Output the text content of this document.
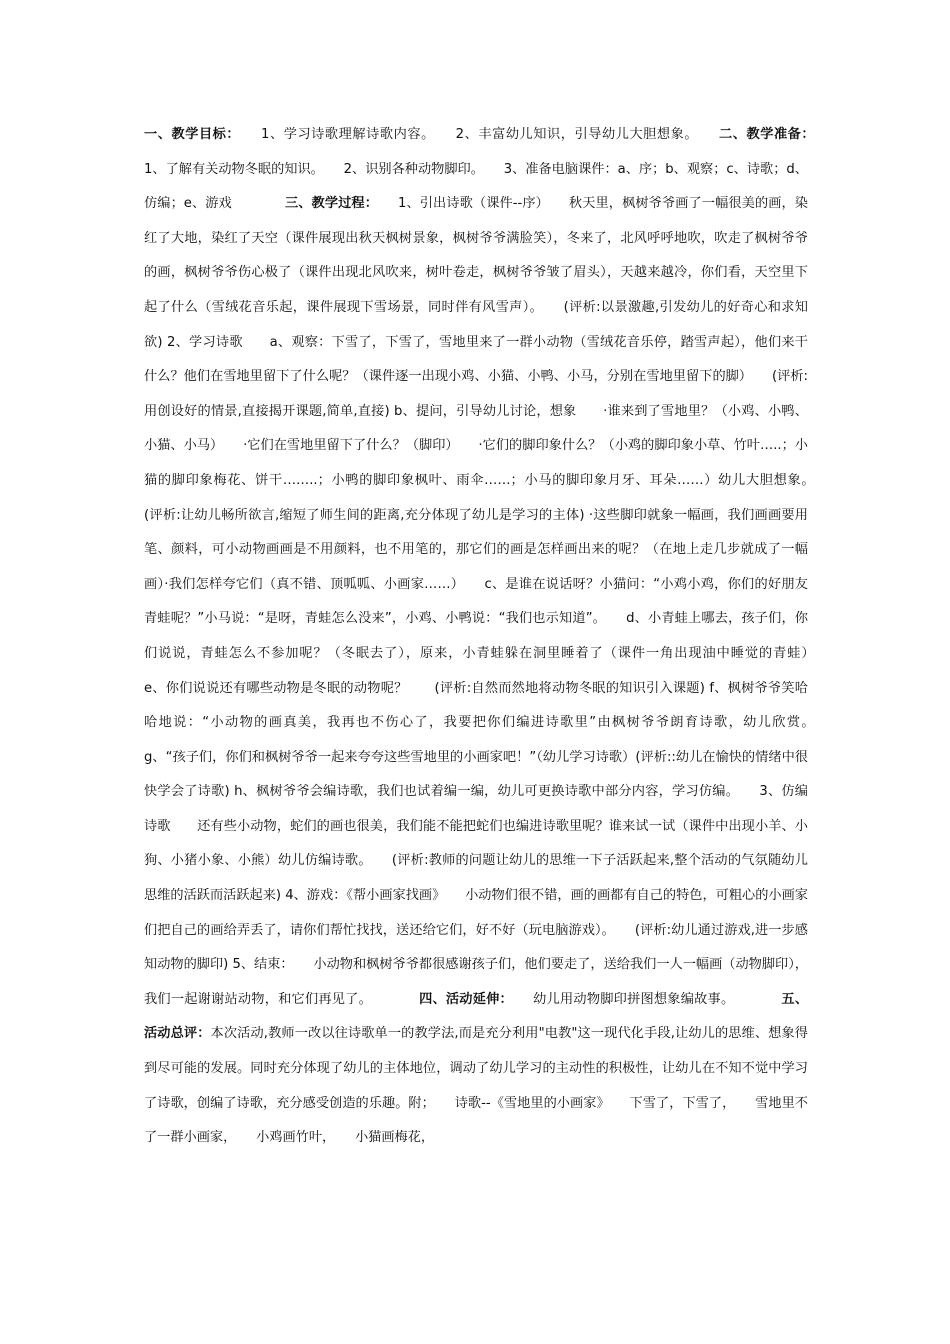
一、教学目标：　　1、学习诗歌理解诗歌内容。　　2、丰富幼儿知识，引导幼儿大胆想象。　　二、教学准备：　　1、了解有关动物冬眠的知识。　　2、识别各种动物脚印。　　3、准备电脑课件：a、序；b、观察；c、诗歌；d、仿编；e、游戏　　　　三、教学过程：　　1、引出诗歌（课件--序）　　秋天里，枫树爷爷画了一幅很美的画，染红了大地，染红了天空（课件展现出秋天枫树景象，枫树爷爷满脸笑），冬来了，北风呼呼地吹，吹走了枫树爷爷的画，枫树爷爷伤心极了（课件出现北风吹来，树叶卷走，枫树爷爷皱了眉头），天越来越冷，你们看，天空里下起了什么（雪绒花音乐起，课件展现下雪场景，同时伴有风雪声）。　　(评析:以景激趣,引发幼儿的好奇心和求知欲) 2、学习诗歌　　a、观察：下雪了，下雪了，雪地里来了一群小动物（雪绒花音乐停，踏雪声起），他们来干什么？他们在雪地里留下了什么呢？（课件逐一出现小鸡、小猫、小鸭、小马，分别在雪地里留下的脚）　　(评析:用创设好的情景,直接揭开课题,简单,直接) b、提问，引导幼儿讨论，想象　　·谁来到了雪地里？（小鸡、小鸭、小猫、小马）　　·它们在雪地里留下了什么？（脚印）　　·它们的脚印象什么？（小鸡的脚印象小草、竹叶…..；小猫的脚印象梅花、饼干……..；小鸭的脚印象枫叶、雨伞……；小马的脚印象月牙、耳朵……）幼儿大胆想象。　　(评析:让幼儿畅所欲言,缩短了师生间的距离,充分体现了幼儿是学习的主体) ·这些脚印就象一幅画，我们画画要用笔、颜料，可小动物画画是不用颜料，也不用笔的，那它们的画是怎样画出来的呢？（在地上走几步就成了一幅画）·我们怎样夸它们（真不错、顶呱呱、小画家……）　　c、是谁在说话呀？小猫问：“小鸡小鸡，你们的好朋友青蛙呢？”小马说：“是呀，青蛙怎么没来”，小鸡、小鸭说：“我们也示知道”。　　d、小青蛙上哪去，孩子们，你们说说，青蛙怎么不参加呢？（冬眠去了），原来，小青蛙躲在洞里睡着了（课件一角出现油中睡觉的青蛙）　　e、你们说说还有哪些动物是冬眠的动物呢？　　(评析:自然而然地将动物冬眠的知识引入课题) f、枫树爷爷笑哈哈地说：“小动物的画真美，我再也不伤心了，我要把你们编进诗歌里”由枫树爷爷朗育诗歌，幼儿欣赏。　　g、“孩子们，你们和枫树爷爷一起来夸夸这些雪地里的小画家吧！”（幼儿学习诗歌）(评析::幼儿在愉快的情绪中很快学会了诗歌) h、枫树爷爷会编诗歌，我们也试着编一编，幼儿可更换诗歌中部分内容，学习仿编。　　3、仿编诗歌　　还有些小动物，蛇们的画也很美，我们能不能把蛇们也编进诗歌里呢？谁来试一试（课件中出现小羊、小狗、小猪小象、小熊）幼儿仿编诗歌。　　(评析:教师的问题让幼儿的思维一下子活跃起来,整个活动的气氛随幼儿思维的活跃而活跃起来) 4、游戏：《帮小画家找画》　　小动物们很不错，画的画都有自己的特色，可粗心的小画家们把自己的画给弄丢了，请你们帮忙找找，送还给它们，好不好（玩电脑游戏）。　　(评析:幼儿通过游戏,进一步感知动物的脚印) 5、结束：　　小动物和枫树爷爷都很感谢孩子们，他们要走了，送给我们一人一幅画（动物脚印），我们一起谢谢站动物，和它们再见了。　　　　四、活动延伸：　　幼儿用动物脚印拼图想象编故事。　　　　五、活动总评：本次活动,教师一改以往诗歌单一的教学法,而是充分利用"电教"这一现代化手段,让幼儿的思维、想象得到尽可能的发展。同时充分体现了幼儿的主体地位，调动了幼儿学习的主动性的积极性，让幼儿在不知不觉中学习了诗歌，创编了诗歌，充分感受创造的乐趣。附；　　诗歌--《雪地里的小画家》　　下雪了，下雪了，　　雪地里不了一群小画家，　　小鸡画竹叶，　　小猫画梅花，
